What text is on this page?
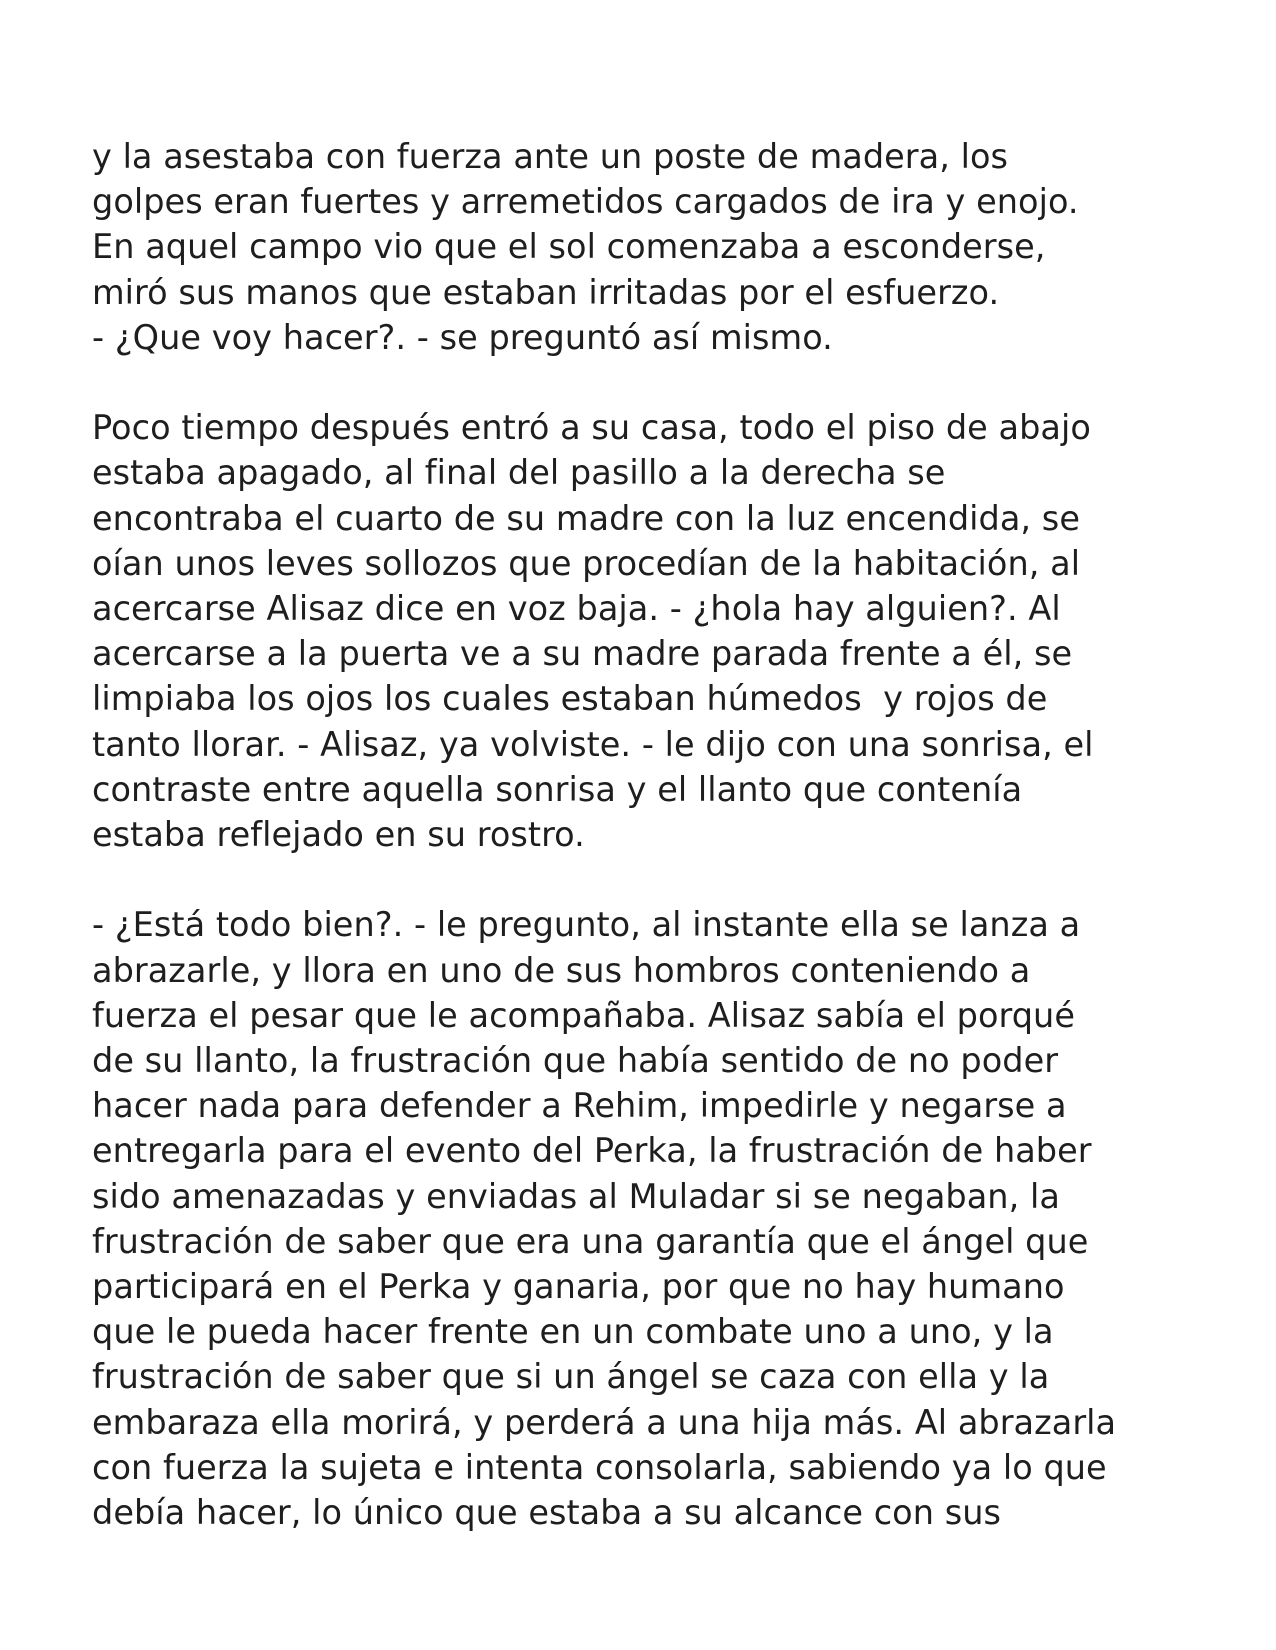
y la asestaba con fuerza ante un poste de madera, los
golpes eran fuertes y arremetidos cargados de ira y enojo.
En aquel campo vio que el sol comenzaba a esconderse,
miró sus manos que estaban irritadas por el esfuerzo.
- ¿Que voy hacer?. - se preguntó así mismo.

Poco tiempo después entró a su casa, todo el piso de abajo
estaba apagado, al final del pasillo a la derecha se
encontraba el cuarto de su madre con la luz encendida, se
oían unos leves sollozos que procedían de la habitación, al
acercarse Alisaz dice en voz baja. - ¿hola hay alguien?. Al
acercarse a la puerta ve a su madre parada frente a él, se
limpiaba los ojos los cuales estaban húmedos  y rojos de
tanto llorar. - Alisaz, ya volviste. - le dijo con una sonrisa, el
contraste entre aquella sonrisa y el llanto que contenía
estaba reflejado en su rostro.

- ¿Está todo bien?. - le pregunto, al instante ella se lanza a
abrazarle, y llora en uno de sus hombros conteniendo a
fuerza el pesar que le acompañaba. Alisaz sabía el porqué
de su llanto, la frustración que había sentido de no poder
hacer nada para defender a Rehim, impedirle y negarse a
entregarla para el evento del Perka, la frustración de haber
sido amenazadas y enviadas al Muladar si se negaban, la
frustración de saber que era una garantía que el ángel que
participará en el Perka y ganaria, por que no hay humano
que le pueda hacer frente en un combate uno a uno, y la
frustración de saber que si un ángel se caza con ella y la
embaraza ella morirá, y perderá a una hija más. Al abrazarla
con fuerza la sujeta e intenta consolarla, sabiendo ya lo que
debía hacer, lo único que estaba a su alcance con sus
